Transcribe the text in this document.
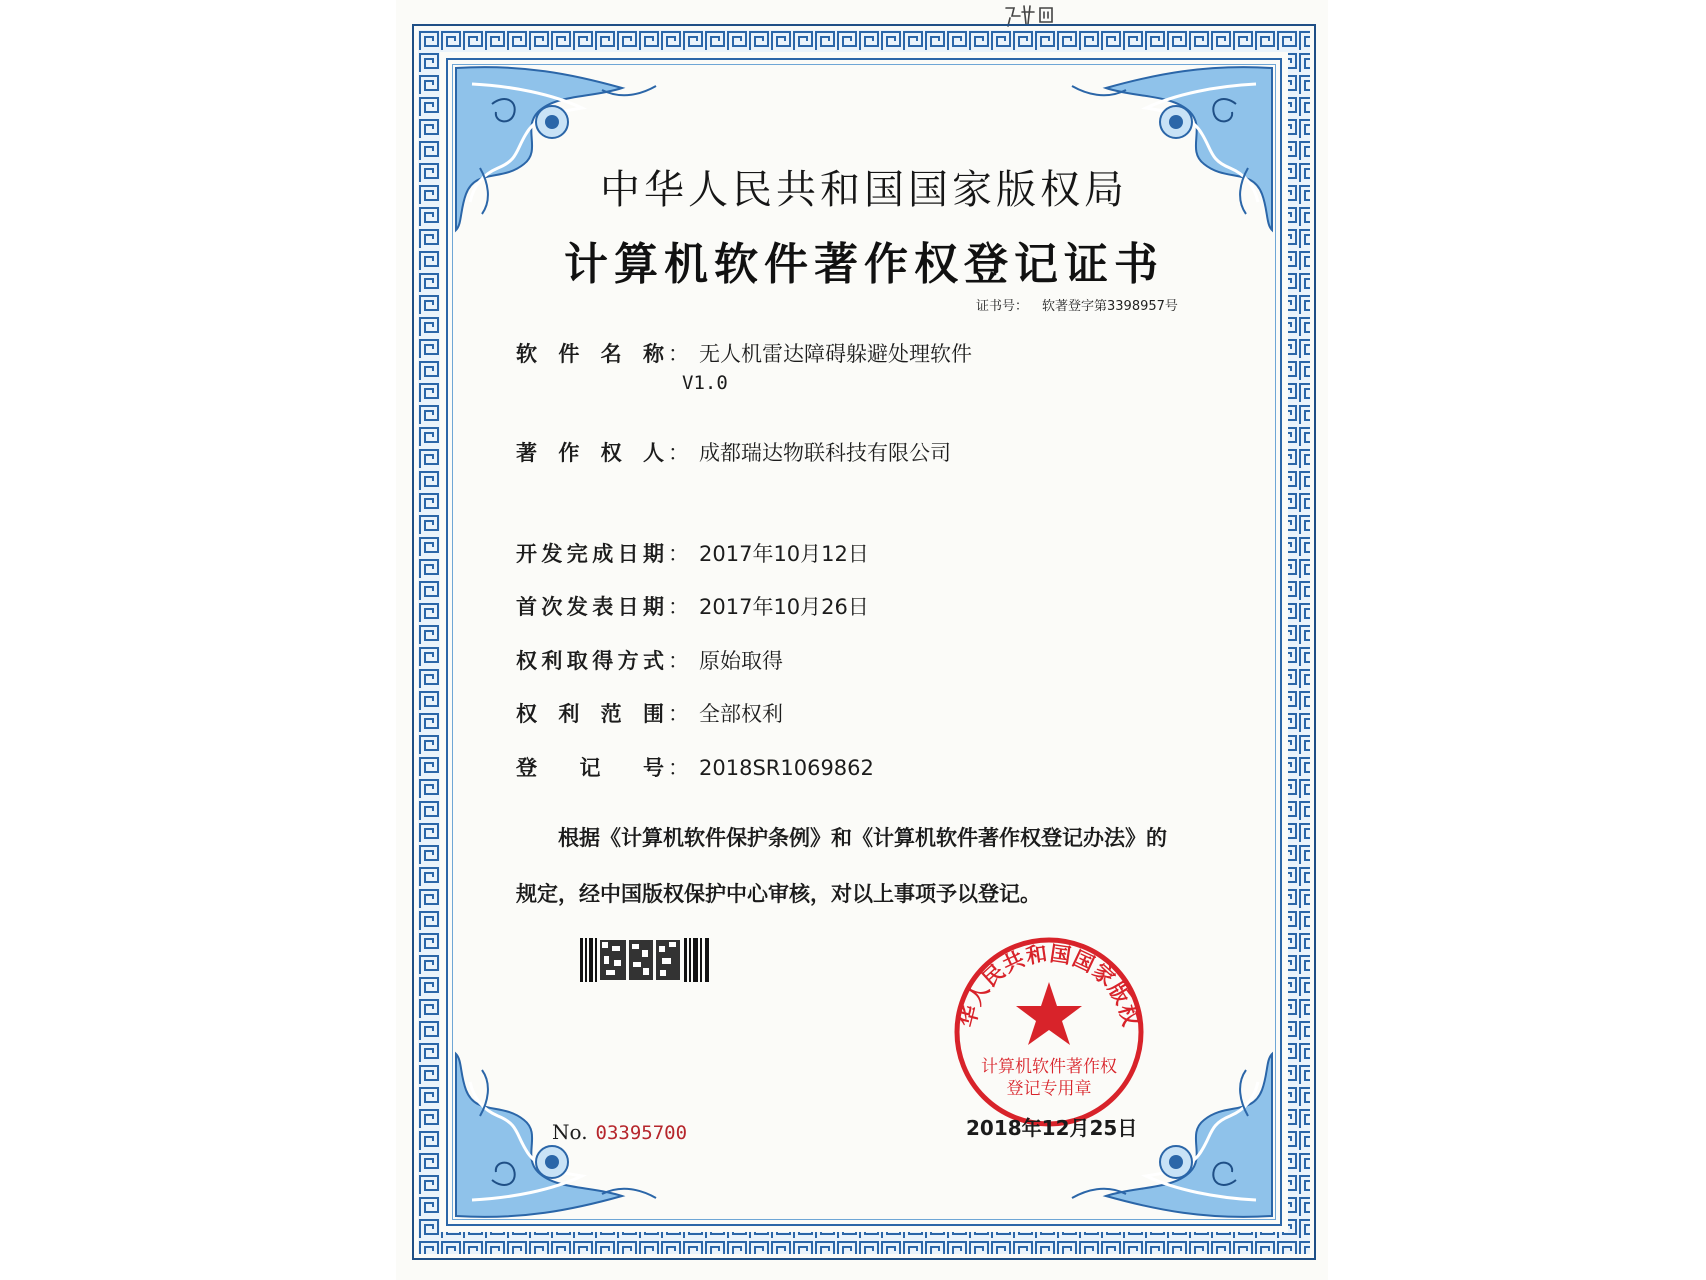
中华人民共和国国家版权局
计算机软件著作权登记证书
证书号： 软著登字第3398957号
软件名称 ： 无人机雷达障碍躲避处理软件
V1.0
著作权人 ： 成都瑞达物联科技有限公司
开发完成日期 ： 2017年10月12日
首次发表日期 ： 2017年10月26日
权利取得方式 ： 原始取得
权利范围 ： 全部权利
登记号 ： 2018SR1069862
根据《计算机软件保护条例》和《计算机软件著作权登记办法》的
规定，经中国版权保护中心审核，对以上事项予以登记。
华人民共和国国家版权
计算机软件著作权
登记专用章
No. 03395700	2018年12月25日
